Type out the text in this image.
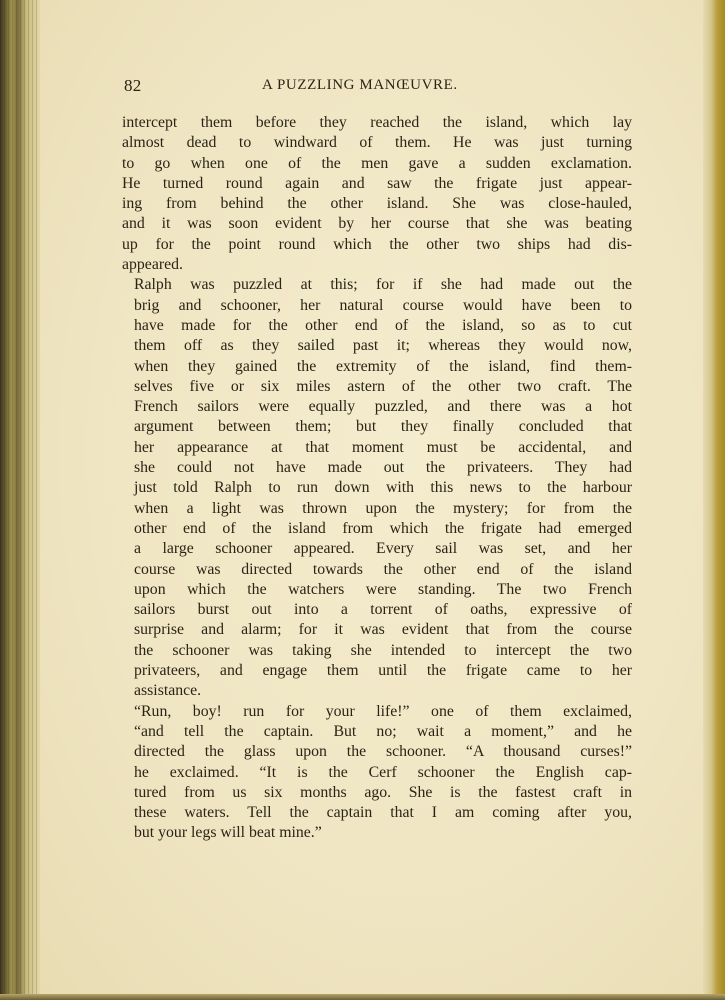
82	A PUZZLING MANŒUVRE.

intercept them before they reached the island, which lay
almost dead to windward of them. He was just turning
to go when one of the men gave a sudden exclamation.
He turned round again and saw the frigate just appear-
ing from behind the other island. She was close-hauled,
and it was soon evident by her course that she was beating
up for the point round which the other two ships had dis-
appeared.

Ralph was puzzled at this; for if she had made out the
brig and schooner, her natural course would have been to
have made for the other end of the island, so as to cut
them off as they sailed past it; whereas they would now,
when they gained the extremity of the island, find them-
selves five or six miles astern of the other two craft. The
French sailors were equally puzzled, and there was a hot
argument between them; but they finally concluded that
her appearance at that moment must be accidental, and
she could not have made out the privateers. They had
just told Ralph to run down with this news to the harbour
when a light was thrown upon the mystery; for from the
other end of the island from which the frigate had emerged
a large schooner appeared. Every sail was set, and her
course was directed towards the other end of the island
upon which the watchers were standing. The two French
sailors burst out into a torrent of oaths, expressive of
surprise and alarm; for it was evident that from the course
the schooner was taking she intended to intercept the two
privateers, and engage them until the frigate came to her
assistance.

“Run, boy! run for your life!” one of them exclaimed,
“and tell the captain. But no; wait a moment,” and he
directed the glass upon the schooner. “A thousand curses!”
he exclaimed. “It is the Cerf schooner the English cap-
tured from us six months ago. She is the fastest craft in
these waters. Tell the captain that I am coming after you,
but your legs will beat mine.”
